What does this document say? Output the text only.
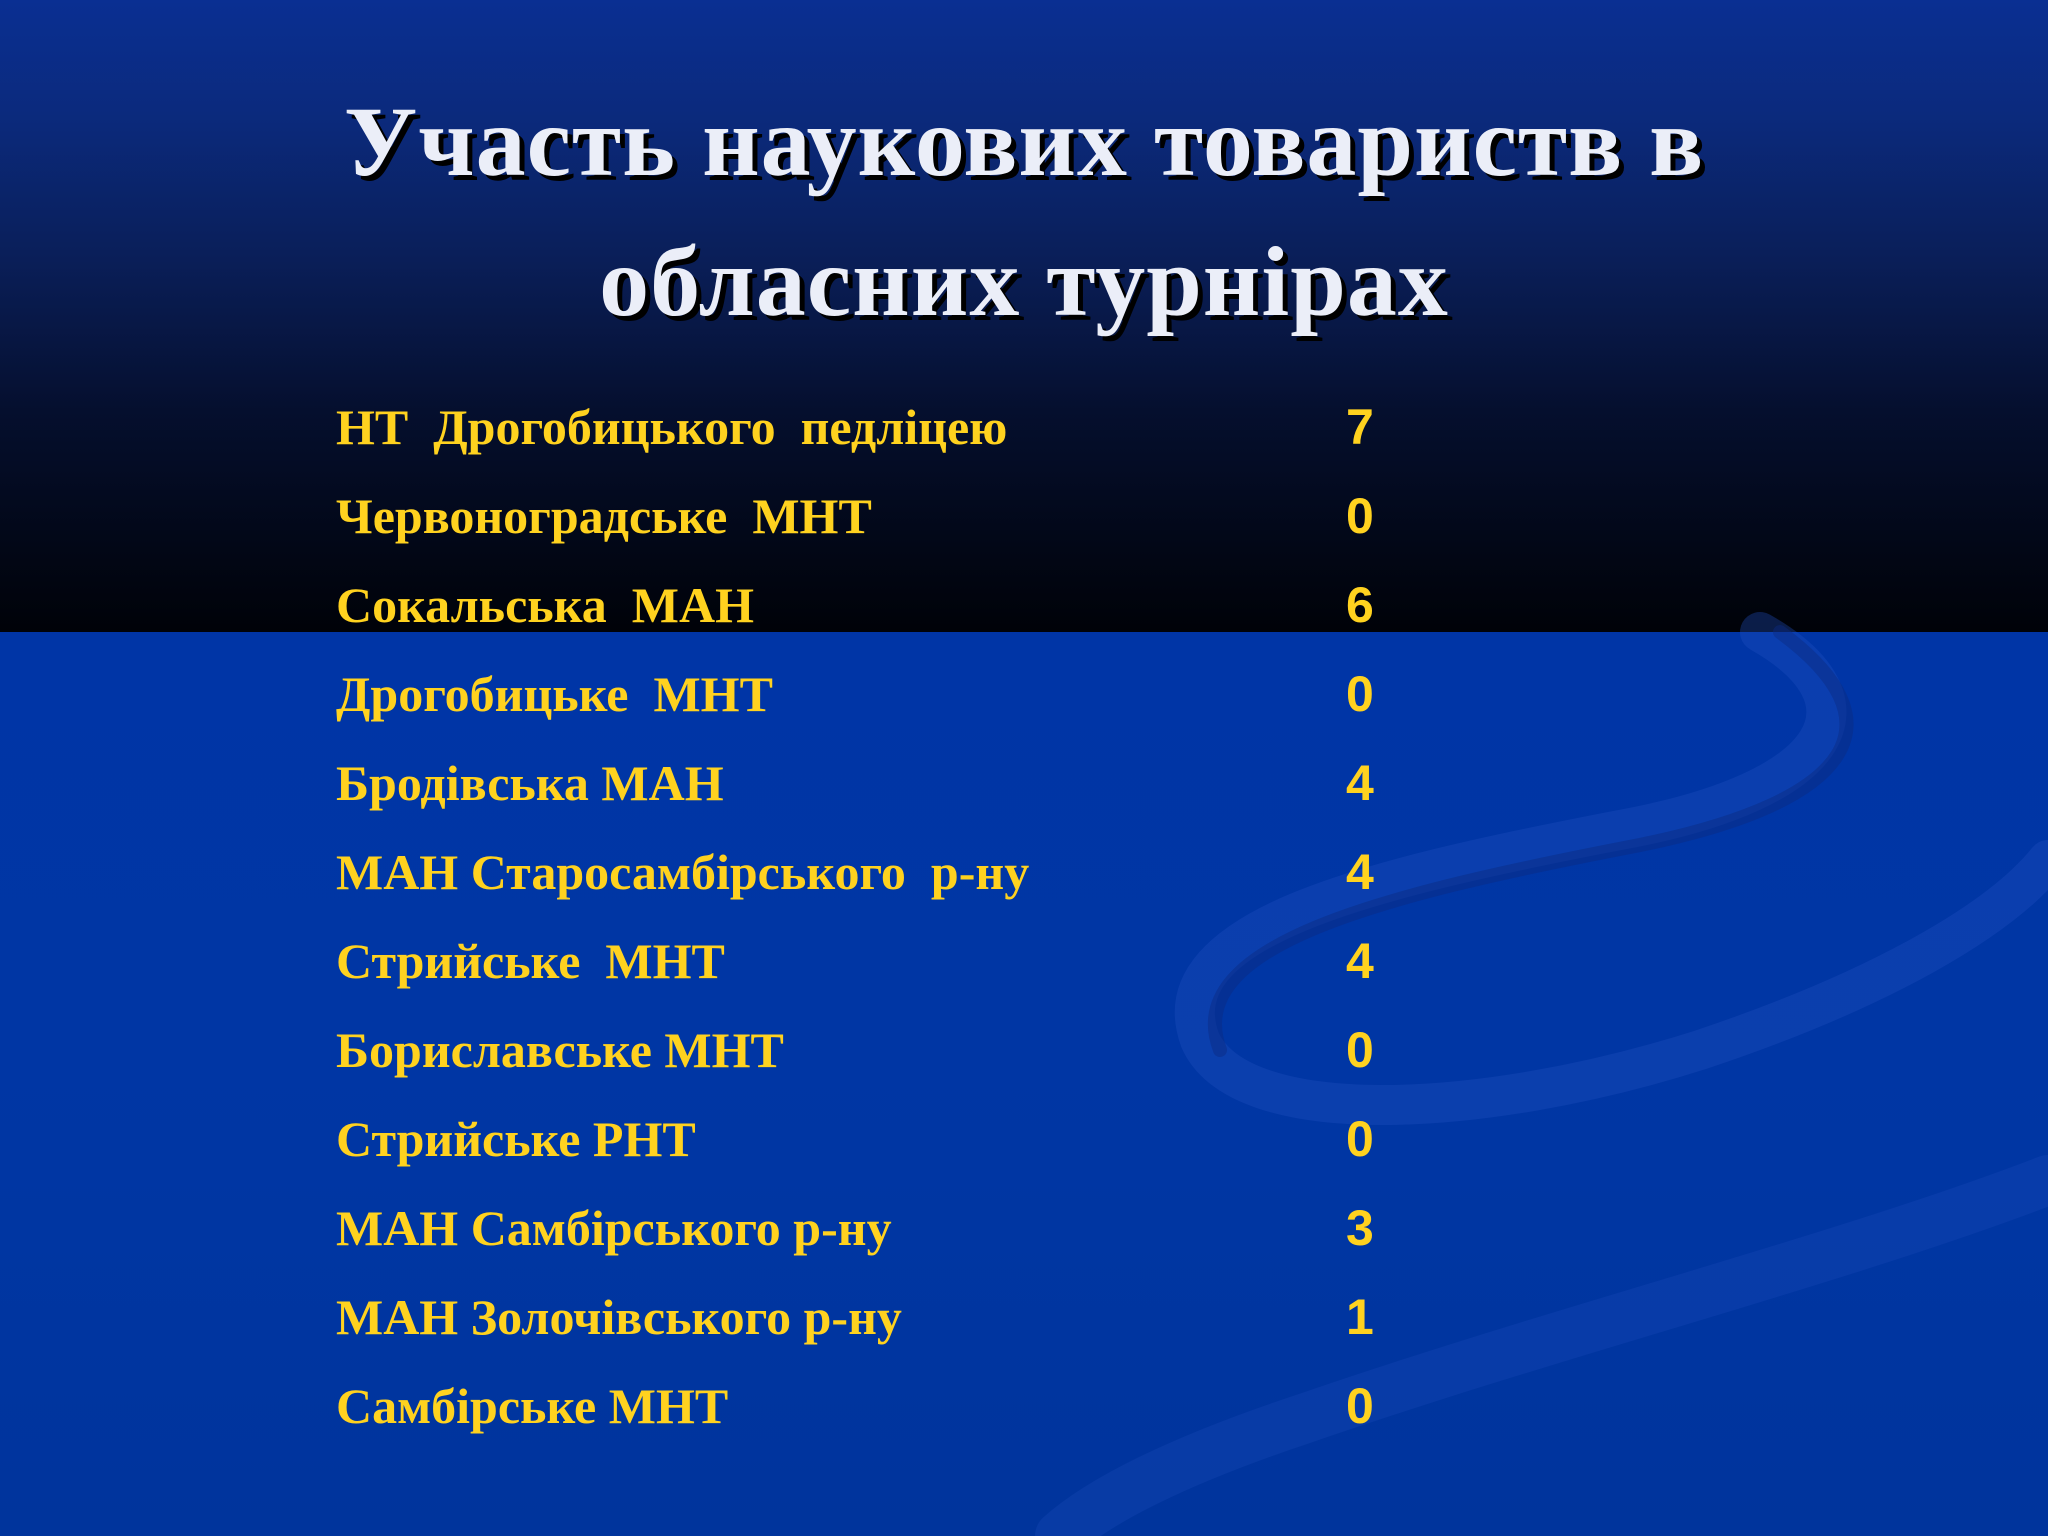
Участь наукових товариств в
обласних турнірах
НТ  Дрогобицького  педліцею	7
Червоноградське  МНТ	0
Сокальська  МАН	6
Дрогобицьке  МНТ	0
Бродівська МАН	4
МАН Старосамбірського  р-ну	4
Стрийське  МНТ	4
Бориславське МНТ	0
Стрийське РНТ	0
МАН Самбірського р-ну	3
МАН Золочівського р-ну	1
Самбірське МНТ	0
